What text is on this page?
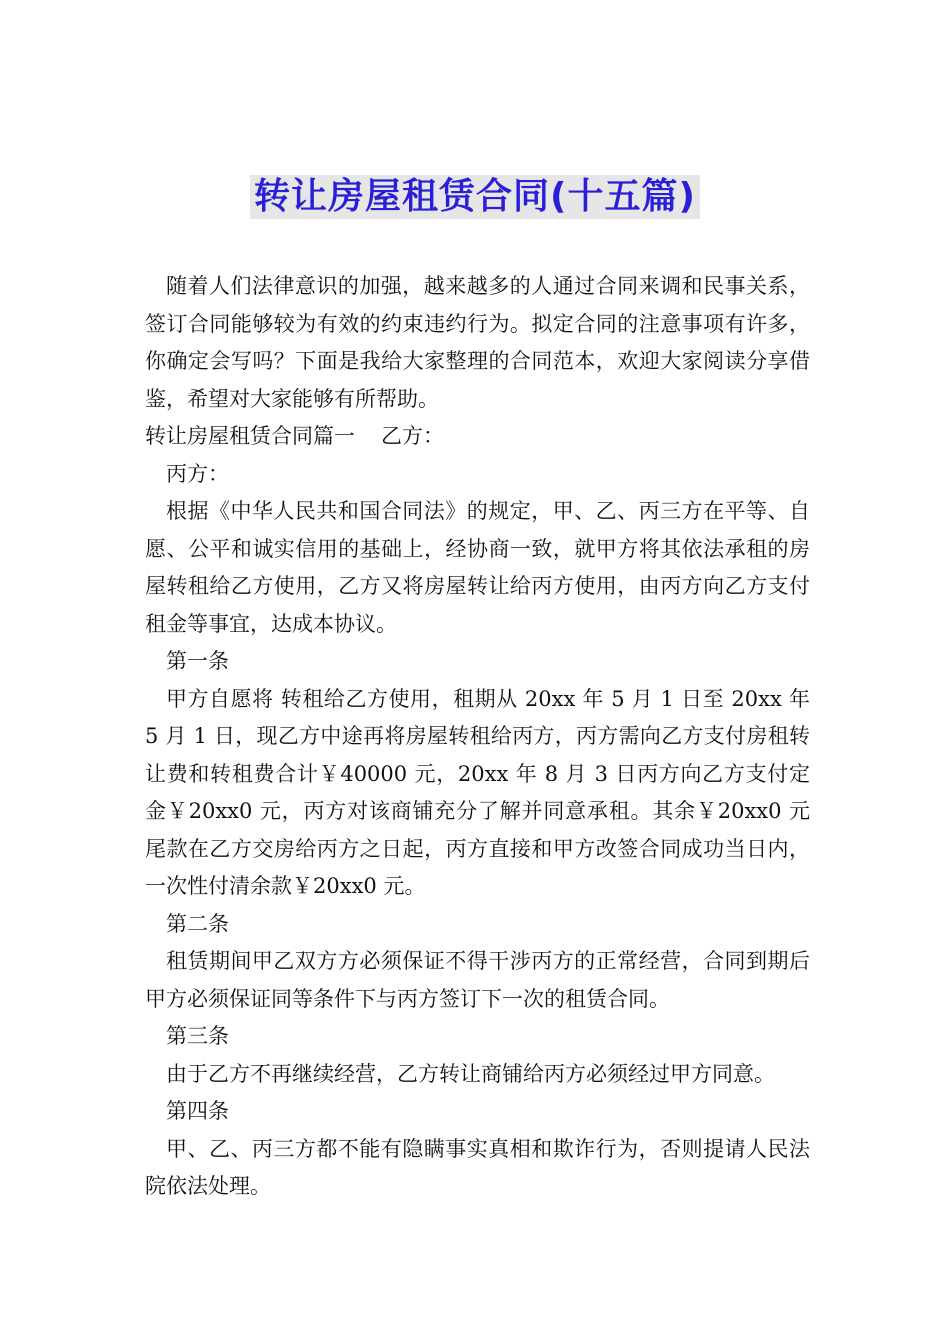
转让房屋租赁合同(十五篇)

随着人们法律意识的加强，越来越多的人通过合同来调和民事关系，签订合同能够较为有效的约束违约行为。拟定合同的注意事项有许多，你确定会写吗？下面是我给大家整理的合同范本，欢迎大家阅读分享借鉴，希望对大家能够有所帮助。

转让房屋租赁合同篇一 乙方：

丙方：

根据《中华人民共和国合同法》的规定，甲、乙、丙三方在平等、自愿、公平和诚实信用的基础上，经协商一致，就甲方将其依法承租的房屋转租给乙方使用，乙方又将房屋转让给丙方使用，由丙方向乙方支付租金等事宜，达成本协议。

第一条

甲方自愿将 转租给乙方使用，租期从 20xx 年 5 月 1 日至 20xx 年 5 月 1 日，现乙方中途再将房屋转租给丙方，丙方需向乙方支付房租转让费和转租费合计￥40000 元，20xx 年 8 月 3 日丙方向乙方支付定金￥20xx0 元，丙方对该商铺充分了解并同意承租。其余￥20xx0 元尾款在乙方交房给丙方之日起，丙方直接和甲方改签合同成功当日内，一次性付清余款￥20xx0 元。

第二条

租赁期间甲乙双方方必须保证不得干涉丙方的正常经营，合同到期后甲方必须保证同等条件下与丙方签订下一次的租赁合同。

第三条

由于乙方不再继续经营，乙方转让商铺给丙方必须经过甲方同意。

第四条

甲、乙、丙三方都不能有隐瞒事实真相和欺诈行为，否则提请人民法院依法处理。
